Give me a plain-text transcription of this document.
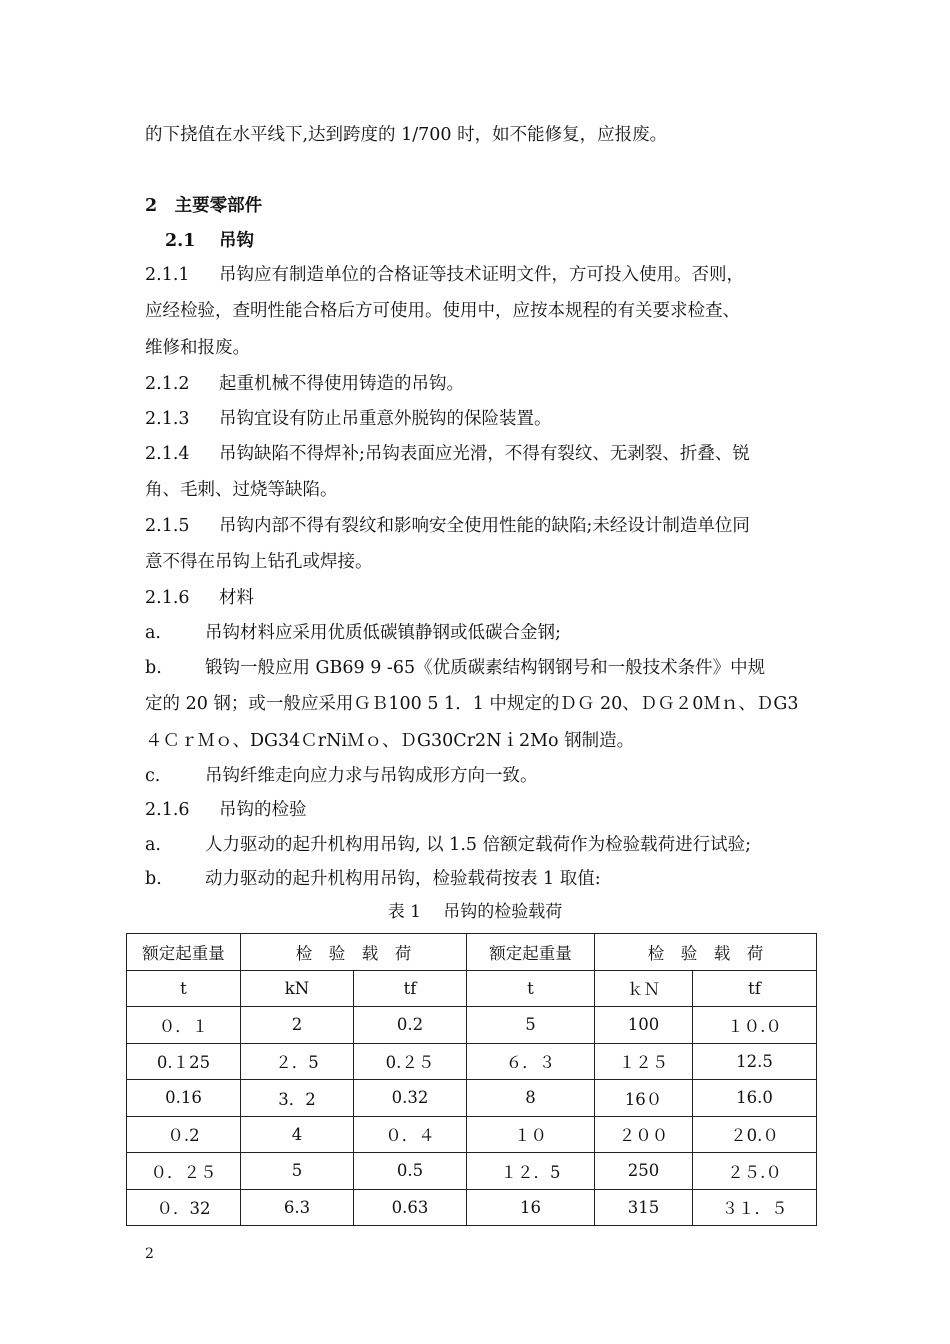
的下挠值在水平线下,达到跨度的 1/700 时，如不能修复，应报废。
2　主要零部件
2.1　 吊钩
2.1.1 吊钩应有制造单位的合格证等技术证明文件，方可投入使用。否则，
应经检验，查明性能合格后方可使用。使用中，应按本规程的有关要求检查、
维修和报废。
2.1.2 起重机械不得使用铸造的吊钩。
2.1.3 吊钩宜设有防止吊重意外脱钩的保险装置。
2.1.4 吊钩缺陷不得焊补;吊钩表面应光滑，不得有裂纹、无剥裂、折叠、锐
角、毛刺、过烧等缺陷。
2.1.5 吊钩内部不得有裂纹和影响安全使用性能的缺陷;未经设计制造单位同
意不得在吊钩上钻孔或焊接。
2.1.6 材料
a.	吊钩材料应采用优质低碳镇静钢或低碳合金钢;
b. 锻钩一般应用 GB69 9 -65《优质碳素结构钢钢号和一般技术条件》中规
定的 20 钢；或一般应采用ＧＢ100 5 1．1 中规定的ＤＧ 20、ＤＧ２0Ｍｎ、ＤG3
４ＣｒＭｏ、DG34ＣrNiＭｏ、ＤG30Cr2Nｉ2Mo 钢制造。
c.	吊钩纤维走向应力求与吊钩成形方向一致。
2.1.6 吊钩的检验
a.	人力驱动的起升机构用吊钩, 以 1.5 倍额定载荷作为检验载荷进行试验;
b. 动力驱动的起升机构用吊钩，检验载荷按表 1 取值:
表 1　 吊钩的检验载荷
额定起重量	检　验　载　荷		额定起重量	检　验　载　荷	
t	kN	tf	t	ｋＮ	tf
０．１	2	0.2	5	100	１０.０
0.１25	２．5	0.２５	６．３	１２５	12.5
0.16	3．2	0.32	8	16０	16.0
０.2	4	０．４	１０	２００	２0.０
０．２５	5	0.5	１２．5	250	２５.０
０．32	6.3	0.63	16	315	３１．５
2
